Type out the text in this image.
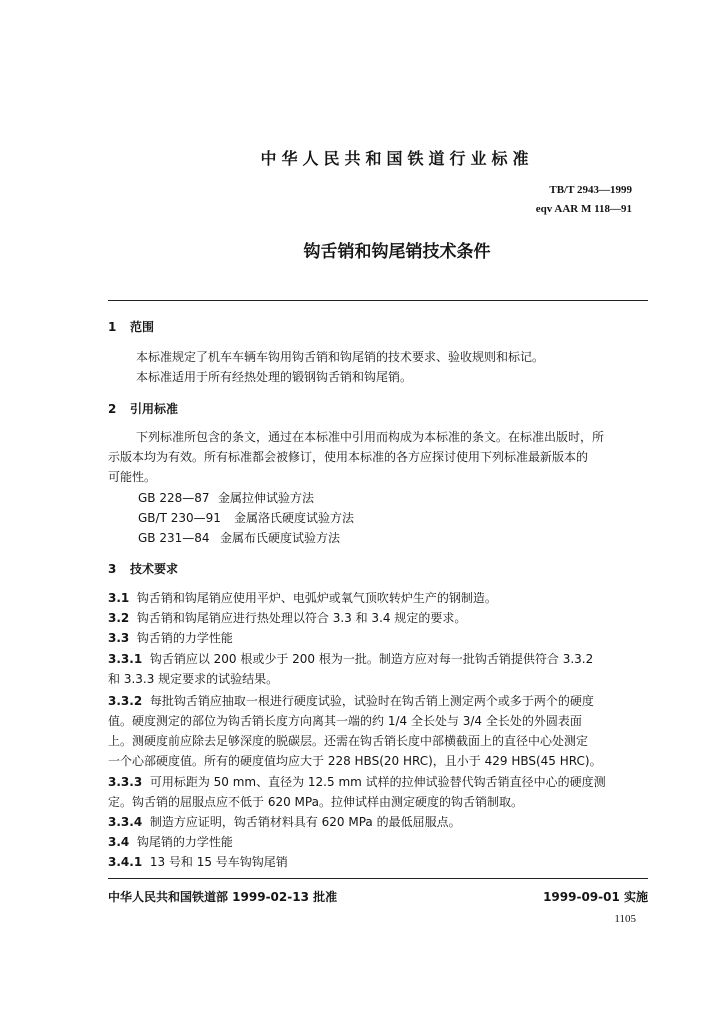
中华人民共和国铁道行业标准
TB/T 2943—1999
eqv AAR M 118—91
钩舌销和钩尾销技术条件
1 范围
本标准规定了机车车辆车钩用钩舌销和钩尾销的技术要求、验收规则和标记。
本标准适用于所有经热处理的锻钢钩舌销和钩尾销。
2 引用标准
下列标准所包含的条文，通过在本标准中引用而构成为本标准的条文。在标准出版时，所
示版本均为有效。所有标准都会被修订，使用本标准的各方应探讨使用下列标准最新版本的
可能性。
GB 228—87 金属拉伸试验方法
GB/T 230—91 金属洛氏硬度试验方法
GB 231—84 金属布氏硬度试验方法
3 技术要求
3.1 钩舌销和钩尾销应使用平炉、电弧炉或氧气顶吹转炉生产的钢制造。
3.2 钩舌销和钩尾销应进行热处理以符合 3.3 和 3.4 规定的要求。
3.3 钩舌销的力学性能
3.3.1 钩舌销应以 200 根或少于 200 根为一批。制造方应对每一批钩舌销提供符合 3.3.2
和 3.3.3 规定要求的试验结果。
3.3.2 每批钩舌销应抽取一根进行硬度试验，试验时在钩舌销上测定两个或多于两个的硬度
值。硬度测定的部位为钩舌销长度方向离其一端的约 1/4 全长处与 3/4 全长处的外圆表面
上。测硬度前应除去足够深度的脱碳层。还需在钩舌销长度中部横截面上的直径中心处测定
一个心部硬度值。所有的硬度值均应大于 228 HBS(20 HRC)，且小于 429 HBS(45 HRC)。
3.3.3 可用标距为 50 mm、直径为 12.5 mm 试样的拉伸试验替代钩舌销直径中心的硬度测
定。钩舌销的屈服点应不低于 620 MPa。拉伸试样由测定硬度的钩舌销制取。
3.3.4 制造方应证明，钩舌销材料具有 620 MPa 的最低屈服点。
3.4 钩尾销的力学性能
3.4.1 13 号和 15 号车钩钩尾销
中华人民共和国铁道部 1999-02-13 批准	1999-09-01 实施
1105
